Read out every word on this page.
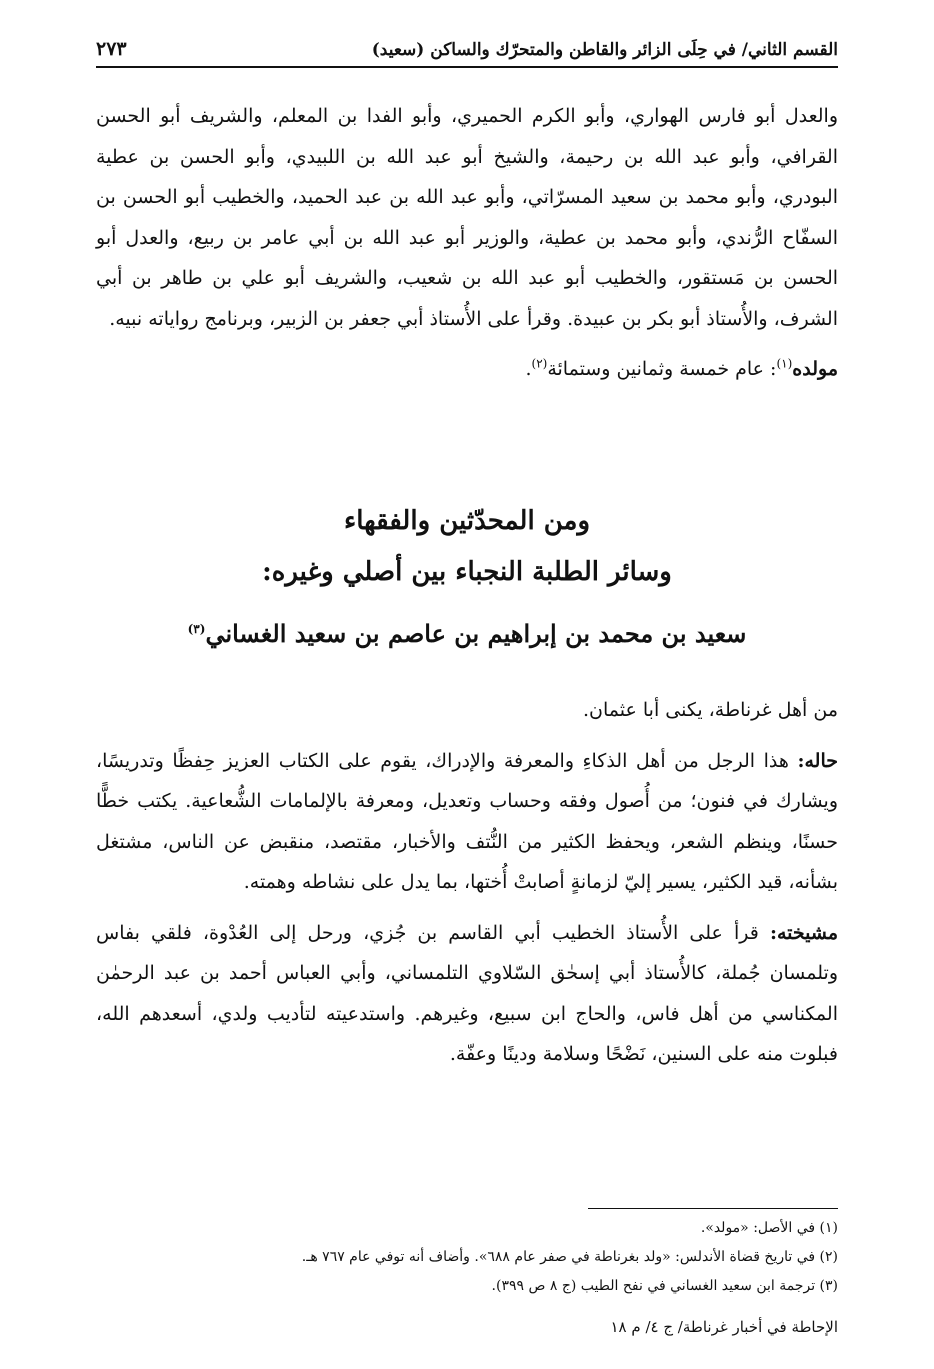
القسم الثاني/ في حِلَى الزائر والقاطن والمتحرّك والساكن (سعيد)
٢٧٣

والعدل أبو فارس الهواري، وأبو الكرم الحميري، وأبو الفدا بن المعلم، والشريف أبو الحسن القرافي، وأبو عبد الله بن رحيمة، والشيخ أبو عبد الله بن اللبيدي، وأبو الحسن بن عطية البودري، وأبو محمد بن سعيد المسرّاتي، وأبو عبد الله بن عبد الحميد، والخطيب أبو الحسن بن السفّاح الرُّندي، وأبو محمد بن عطية، والوزير أبو عبد الله بن أبي عامر بن ربيع، والعدل أبو الحسن بن مَستقور، والخطيب أبو عبد الله بن شعيب، والشريف أبو علي بن طاهر بن أبي الشرف، والأُستاذ أبو بكر بن عبيدة. وقرأ على الأُستاذ أبي جعفر بن الزبير، وبرنامج رواياته نبيه.

مولده$^{(١)}$: عام خمسة وثمانين وستمائة$^{(٢)}$.

ومن المحدّثين والفقهاء
وسائر الطلبة النجباء بين أصلي وغيره:
سعيد بن محمد بن إبراهيم بن عاصم بن سعيد الغساني$^{(٣)}$

من أهل غرناطة، يكنى أبا عثمان.

حاله: هذا الرجل من أهل الذكاءِ والمعرفة والإدراك، يقوم على الكتاب العزيز حِفظًا وتدريسًا، ويشارك في فنون؛ من أُصول وفقه وحساب وتعديل، ومعرفة بالإلمامات الشُّعاعية. يكتب خطًّا حسنًا، وينظم الشعر، ويحفظ الكثير من النُّتف والأخبار، مقتصد، منقبض عن الناس، مشتغل بشأنه، قيد الكثير، يسير إليّ لزمانةٍ أصابتْ أُختها، بما يدل على نشاطه وهمته.

مشيخته: قرأ على الأُستاذ الخطيب أبي القاسم بن جُزي، ورحل إلى العُدْوة، فلقي بفاس وتلمسان جُملة، كالأُستاذ أبي إسحٰق السّلاوي التلمساني، وأبي العباس أحمد بن عبد الرحمٰن المكناسي من أهل فاس، والحاج ابن سبيع، وغيرهم. واستدعيته لتأديب ولدي، أسعدهم الله، فبلوت منه على السنين، نَضْحًا وسلامة ودينًا وعفّة.

(١) في الأصل: «مولد».
(٢) في تاريخ قضاة الأندلس: «ولد بغرناطة في صفر عام ٦٨٨». وأضاف أنه توفي عام ٧٦٧ هـ.
(٣) ترجمة ابن سعيد الغساني في نفح الطيب (ج ٨ ص ٣٩٩).
الإحاطة في أخبار غرناطة/ ج ٤/ م ١٨
